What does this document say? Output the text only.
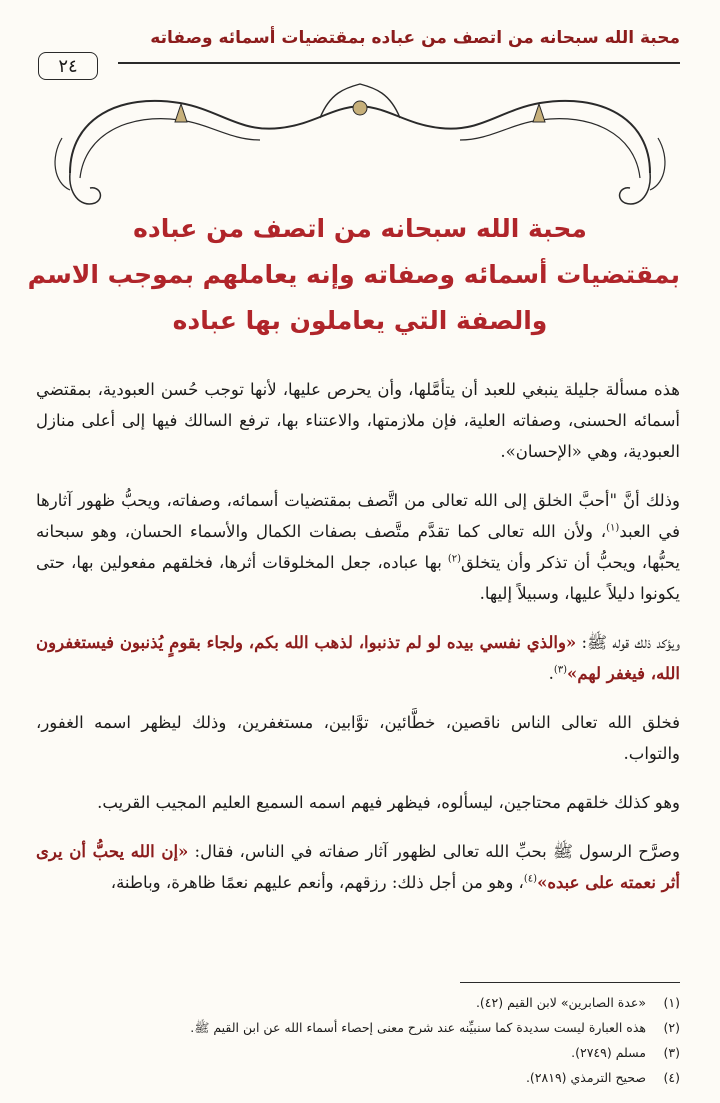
محبة الله سبحانه من اتصف من عباده بمقتضيات أسمائه وصفاته
٢٤
محبة الله سبحانه من اتصف من عباده
بمقتضيات أسمائه وصفاته وإنه يعاملهم بموجب الاسم
والصفة التي يعاملون بها عباده

هذه مسألة جليلة ينبغي للعبد أن يتأمَّلها، وأن يحرص عليها، لأنها توجب حُسن العبودية، بمقتضي أسمائه الحسنى، وصفاته العلية، فإن ملازمتها، والاعتناء بها، ترفع السالك فيها إلى أعلى منازل العبودية، وهي «الإحسان».

وذلك أنَّ "أحبَّ الخلق إلى الله تعالى من اتَّصف بمقتضيات أسمائه، وصفاته، ويحبُّ ظهور آثارها في العبد$^{(١)}$، ولأن الله تعالى كما تقدَّم متَّصف بصفات الكمال والأسماء الحسان، وهو سبحانه يحبُّها، ويحبُّ أن تذكر وأن يتخلق$^{(٢)}$ بها عباده، جعل المخلوقات أثرها، فخلقهم مفعولين بها، حتى يكونوا دليلاً عليها، وسبيلاً إليها.

ويؤكد ذلك قوله ﷺ: «والذي نفسي بيده لو لم تذنبوا، لذهب الله بكم، ولجاء بقومٍ يُذنبون فيستغفرون الله، فيغفر لهم»$^{(٣)}$.

فخلق الله تعالى الناس ناقصين، خطَّائين، توَّابين، مستغفرين، وذلك ليظهر اسمه الغفور، والتواب.

وهو كذلك خلقهم محتاجين، ليسألوه، فيظهر فيهم اسمه السميع العليم المجيب القريب.

وصرَّح الرسول ﷺ بحبِّ الله تعالى لظهور آثار صفاته في الناس، فقال: «إن الله يحبُّ أن يرى أثر نعمته على عبده»$^{(٤)}$، وهو من أجل ذلك: رزقهم، وأنعم عليهم نعمًا ظاهرة، وباطنة،

(١)«عدة الصابرين» لابن القيم (٤٢).
(٢)هذه العبارة ليست سديدة كما سنبيِّنه عند شرح معنى إحصاء أسماء الله عن ابن القيم ﷺ.
(٣)مسلم (٢٧٤٩).
(٤)صحيح الترمذي (٢٨١٩).
